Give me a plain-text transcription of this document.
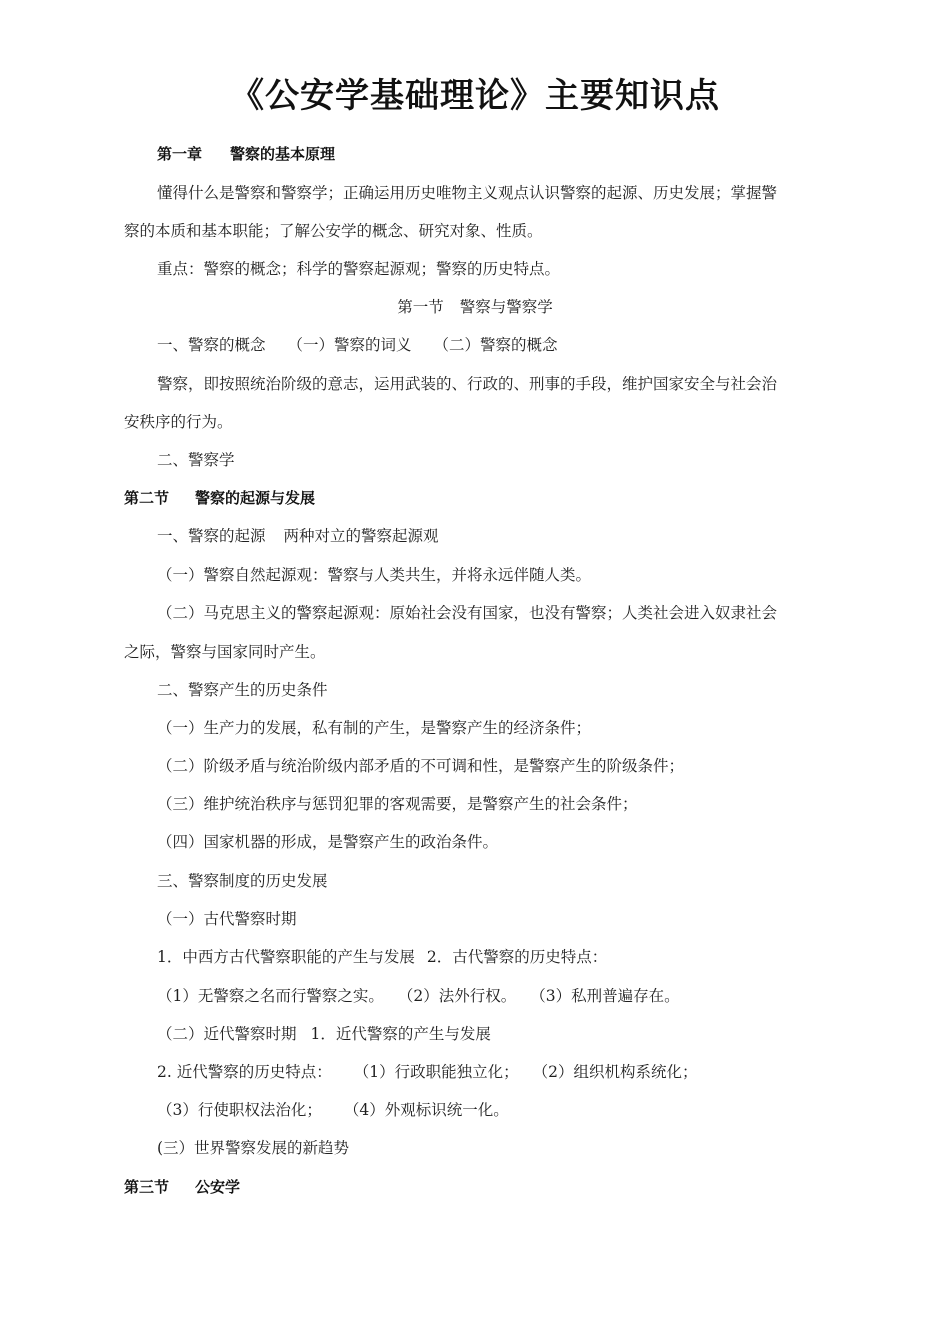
《公安学基础理论》主要知识点
第一章 警察的基本原理
懂得什么是警察和警察学；正确运用历史唯物主义观点认识警察的起源、历史发展；掌握警
察的本质和基本职能；了解公安学的概念、研究对象、性质。
重点：警察的概念；科学的警察起源观；警察的历史特点。
第一节 警察与警察学
一、警察的概念 （一）警察的词义 （二）警察的概念
警察，即按照统治阶级的意志，运用武装的、行政的、刑事的手段，维护国家安全与社会治
安秩序的行为。
二、警察学
第二节 警察的起源与发展
一、警察的起源 两种对立的警察起源观
（一）警察自然起源观：警察与人类共生，并将永远伴随人类。
（二）马克思主义的警察起源观：原始社会没有国家，也没有警察；人类社会进入奴隶社会
之际，警察与国家同时产生。
二、警察产生的历史条件
（一）生产力的发展，私有制的产生，是警察产生的经济条件；
（二）阶级矛盾与统治阶级内部矛盾的不可调和性，是警察产生的阶级条件；
（三）维护统治秩序与惩罚犯罪的客观需要，是警察产生的社会条件；
（四）国家机器的形成，是警察产生的政治条件。
三、警察制度的历史发展
（一）古代警察时期
1．中西方古代警察职能的产生与发展 2．古代警察的历史特点：
（1）无警察之名而行警察之实。 （2）法外行权。 （3）私刑普遍存在。
（二）近代警察时期 1．近代警察的产生与发展
2. 近代警察的历史特点： （1）行政职能独立化； （2）组织机构系统化；
（3）行使职权法治化； （4）外观标识统一化。
(三）世界警察发展的新趋势
第三节 公安学
